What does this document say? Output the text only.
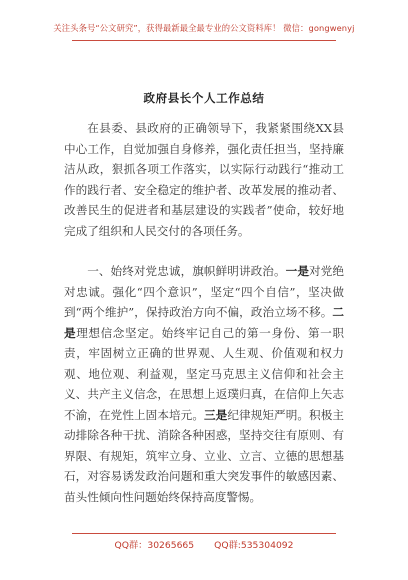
关注头条号“公文研究”，获得最新最全最专业的公文资料库！ 微信：gongwenyj
政府县长个人工作总结

在县委、县政府的正确领导下，我紧紧围绕XX县中心工作，自觉加强自身修养，强化责任担当，坚持廉洁从政，狠抓各项工作落实，以实际行动践行“推动工作的践行者、安全稳定的维护者、改革发展的推动者、改善民生的促进者和基层建设的实践者”使命，较好地完成了组织和人民交付的各项任务。

一、始终对党忠诚，旗帜鲜明讲政治。一是对党绝对忠诚。强化“四个意识”，坚定“四个自信”，坚决做到“两个维护”，保持政治方向不偏，政治立场不移。二是理想信念坚定。始终牢记自己的第一身份、第一职责，牢固树立正确的世界观、人生观、价值观和权力观、地位观、利益观，坚定马克思主义信仰和社会主义、共产主义信念，在思想上返璞归真，在信仰上矢志不渝，在党性上固本培元。三是纪律规矩严明。积极主动排除各种干扰、消除各种困惑，坚持交往有原则、有界限、有规矩，筑牢立身、立业、立言、立德的思想基石，对容易诱发政治问题和重大突发事件的敏感因素、苗头性倾向性问题始终保持高度警惕。

QQ群：30265665 QQ群:535304092
